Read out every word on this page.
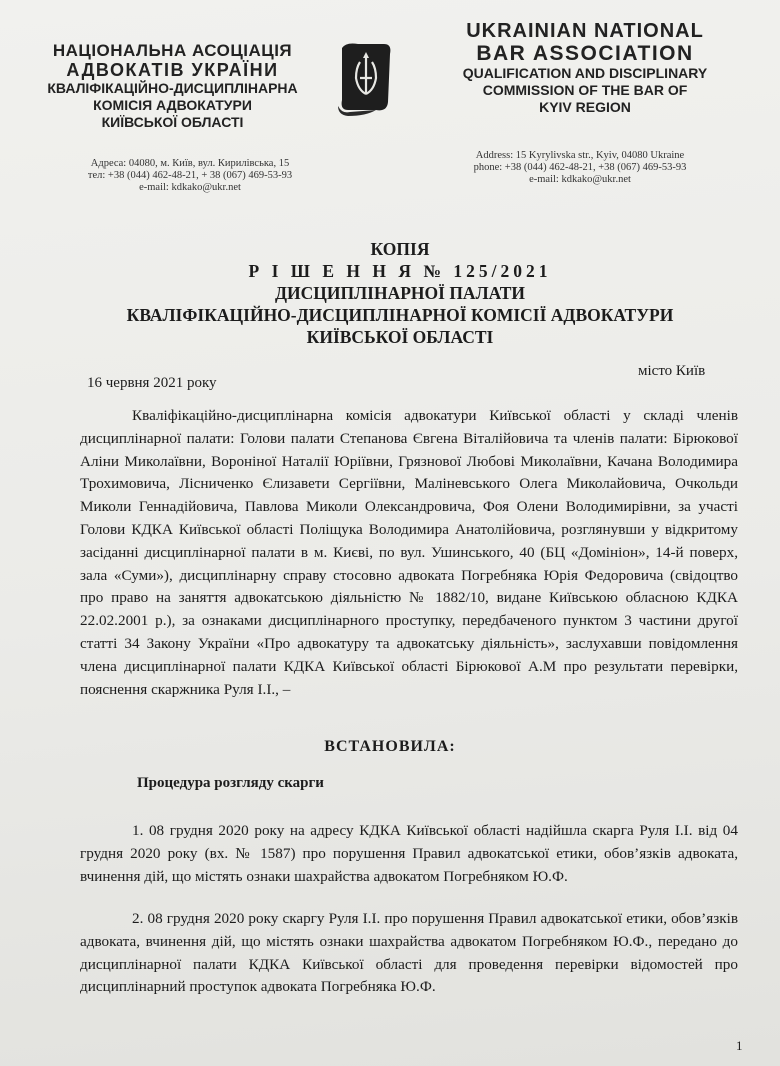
НАЦІОНАЛЬНА АСОЦІАЦІЯ
АДВОКАТІВ УКРАЇНИ
КВАЛІФІКАЦІЙНО-ДИСЦИПЛІНАРНА
КОМІСІЯ АДВОКАТУРИ
КИЇВСЬКОЇ ОБЛАСТІ
UKRAINIAN NATIONAL
BAR ASSOCIATION
QUALIFICATION AND DISCIPLINARY
COMMISSION OF THE BAR OF
KYIV REGION
Адреса: 04080, м. Київ, вул. Кирилівська, 15
тел: +38 (044) 462-48-21, + 38 (067) 469-53-93
e-mail: kdkako@ukr.net
Address: 15 Kyrylivska str., Kyiv, 04080 Ukraine
phone: +38 (044) 462-48-21, +38 (067) 469-53-93
e-mail: kdkako@ukr.net
КОПІЯ
Р І Ш Е Н Н Я № 125/2021
ДИСЦИПЛІНАРНОЇ ПАЛАТИ
КВАЛІФІКАЦІЙНО-ДИСЦИПЛІНАРНОЇ КОМІСІЇ АДВОКАТУРИ
КИЇВСЬКОЇ ОБЛАСТІ
16 червня 2021 року
місто Київ
Кваліфікаційно-дисциплінарна комісія адвокатури Київської області у складі членів дисциплінарної палати: Голови палати Степанова Євгена Віталійовича та членів палати: Бірюкової Аліни Миколаївни, Вороніної Наталії Юріївни, Грязнової Любові Миколаївни, Качана Володимира Трохимовича, Лісниченко Єлизавети Сергіївни, Маліневського Олега Миколайовича, Очкольди Миколи Геннадійовича, Павлова Миколи Олександровича, Фоя Олени Володимирівни, за участі Голови КДКА Київської області Поліщука Володимира Анатолійовича, розглянувши у відкритому засіданні дисциплінарної палати в м. Києві, по вул. Ушинського, 40 (БЦ «Домініон», 14-й поверх, зала «Суми»), дисциплінарну справу стосовно адвоката Погребняка Юрія Федоровича (свідоцтво про право на заняття адвокатською діяльністю № 1882/10, видане Київською обласною КДКА 22.02.2001 р.), за ознаками дисциплінарного проступку, передбаченого пунктом 3 частини другої статті 34 Закону України «Про адвокатуру та адвокатську діяльність», заслухавши повідомлення члена дисциплінарної палати КДКА Київської області Бірюкової А.М про результати перевірки, пояснення скаржника Руля І.І., –
ВСТАНОВИЛА:
Процедура розгляду скарги
1. 08 грудня 2020 року на адресу КДКА Київської області надійшла скарга Руля І.І. від 04 грудня 2020 року (вх. № 1587) про порушення Правил адвокатської етики, обов’язків адвоката, вчинення дій, що містять ознаки шахрайства адвокатом Погребняком Ю.Ф.
2. 08 грудня 2020 року скаргу Руля І.І. про порушення Правил адвокатської етики, обов’язків адвоката, вчинення дій, що містять ознаки шахрайства адвокатом Погребняком Ю.Ф., передано до дисциплінарної палати КДКА Київської області для проведення перевірки відомостей про дисциплінарний проступок адвоката Погребняка Ю.Ф.
1
